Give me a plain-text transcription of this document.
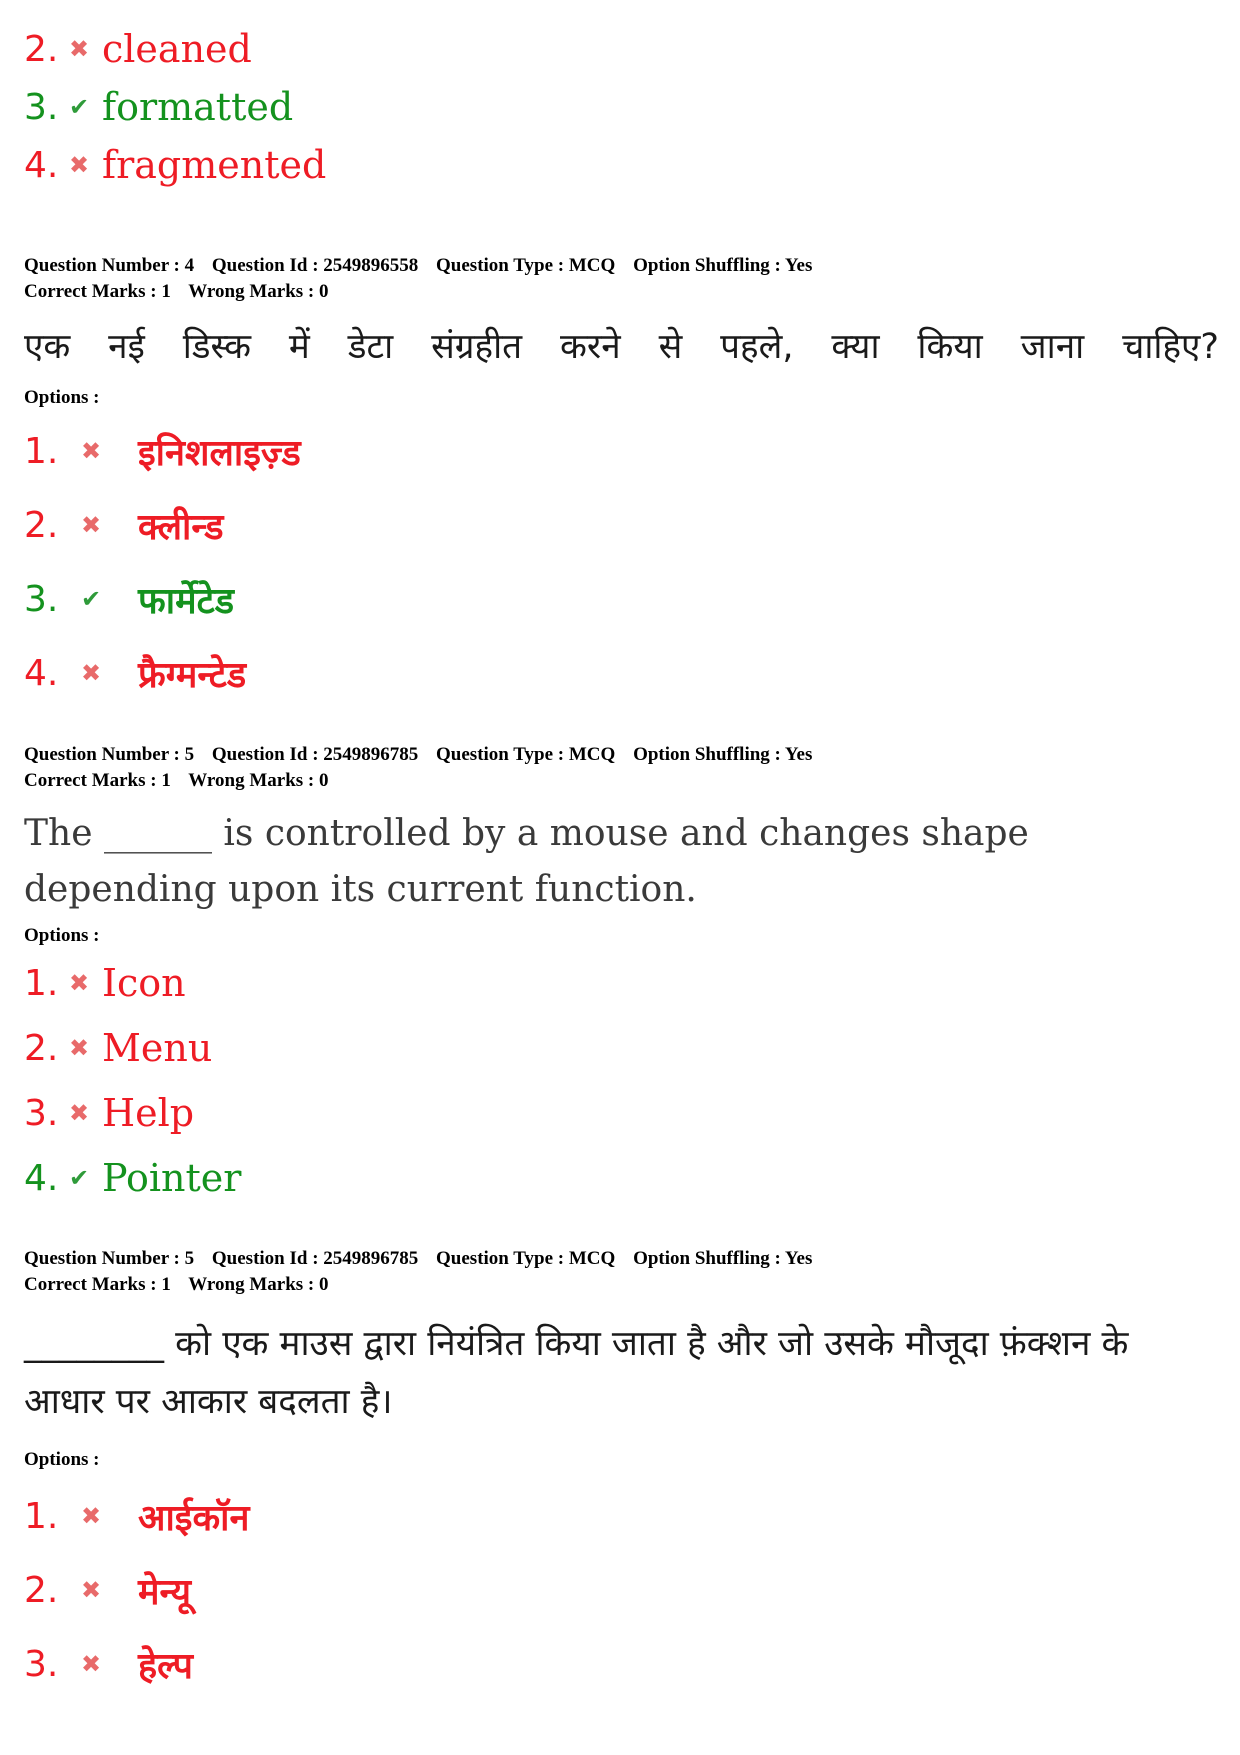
2. ✖ cleaned
3. ✔ formatted
4. ✖ fragmented
Question Number : 4 Question Id : 2549896558 Question Type : MCQ Option Shuffling : Yes
Correct Marks : 1 Wrong Marks : 0
एक नई डिस्क में डेटा संग्रहीत करने से पहले, क्या किया जाना चाहिए?
Options :
1. ✖ इनिशलाइज़्ड
2. ✖ क्लीन्ड
3. ✔ फार्मेटेड
4. ✖ फ्रैग्मन्टेड
Question Number : 5 Question Id : 2549896785 Question Type : MCQ Option Shuffling : Yes
Correct Marks : 1 Wrong Marks : 0
The ______ is controlled by a mouse and changes shape depending upon its current function.
Options :
1. ✖ Icon
2. ✖ Menu
3. ✖ Help
4. ✔ Pointer
Question Number : 5 Question Id : 2549896785 Question Type : MCQ Option Shuffling : Yes
Correct Marks : 1 Wrong Marks : 0
________ को एक माउस द्वारा नियंत्रित किया जाता है और जो उसके मौजूदा फ़ंक्शन के आधार पर आकार बदलता है।
Options :
1. ✖ आईकॉन
2. ✖ मेन्यू
3. ✖ हेल्प
